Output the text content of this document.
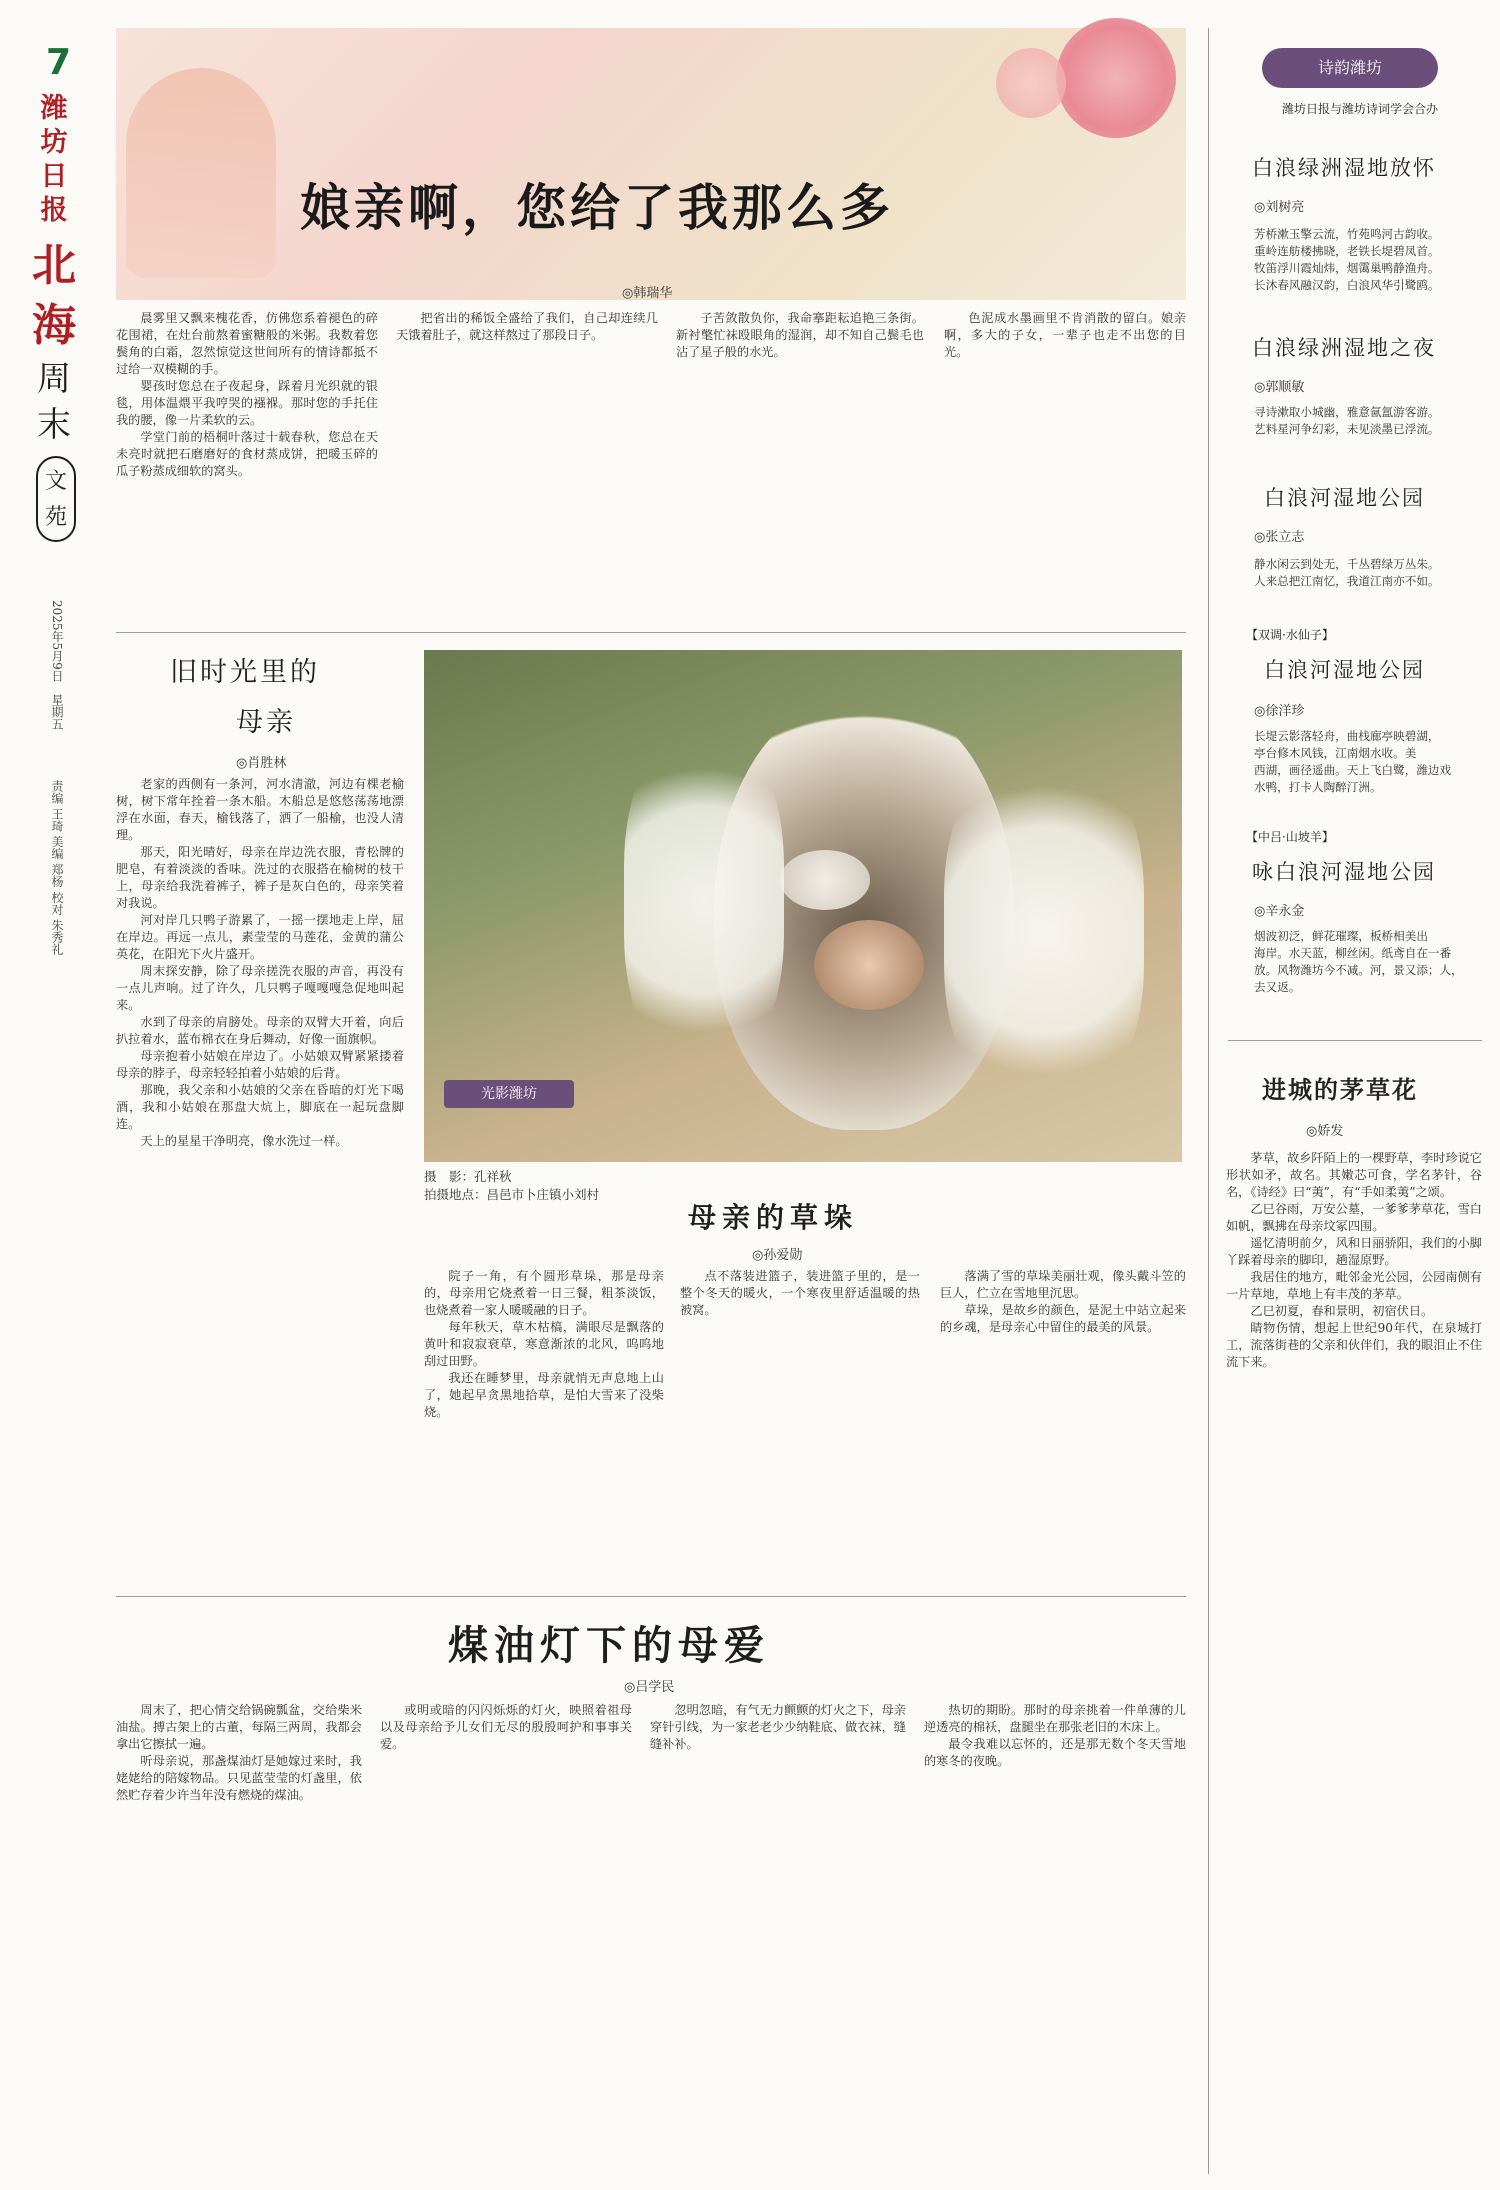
7
潍坊日报
北海
周末
文苑
2025年5月9日　星期五
责编 王琦 美编 郑杨 校对 朱秀礼
娘亲啊，您给了我那么多
◎ 韩瑞华

晨雾里又飘来槐花香，仿佛您系着褪色的碎花围裙，在灶台前熬着蜜糖般的米粥。我数着您鬓角的白霜，忽然惊觉这世间所有的情诗都抵不过给一双模糊的手。

婴孩时您总在子夜起身，踩着月光织就的银毯，用体温煨平我哼哭的襁褓。那时您的手托住我的腰，像一片柔软的云。

学堂门前的梧桐叶落过十载春秋，您总在天未亮时就把石磨磨好的食材蒸成饼，把暖玉碎的瓜子粉蒸成细软的窝头。

把省出的稀饭全盛给了我们，自己却连续几天饿着肚子，就这样熬过了那段日子。

子苦敛散负你，我命搴距耘追艳三条街。新衬氅忙袜殴眼角的湿润，却不知自己鬓毛也沾了星子般的水光。

色泥成水墨画里不肯消散的留白。娘亲啊，多大的子女，一辈子也走不出您的目光。

旧时光里的
母亲
◎ 肖胜林

老家的西侧有一条河，河水清澈，河边有棵老榆树，树下常年拴着一条木船。木船总是悠悠荡荡地漂浮在水面，春天，榆钱落了，洒了一船榆，也没人清理。

那天，阳光晴好，母亲在岸边洗衣服，青松牌的肥皂，有着淡淡的香味。洗过的衣服搭在榆树的枝干上，母亲给我洗着裤子，裤子是灰白色的，母亲笑着对我说。

河对岸几只鸭子游累了，一摇一摆地走上岸，屈在岸边。再远一点儿，素莹莹的马莲花，金黄的蒲公英花，在阳光下火片盛开。

周末探安静，除了母亲搓洗衣服的声音，再没有一点儿声响。过了许久，几只鸭子嘎嘎嘎急促地叫起来。

水到了母亲的肩膀处。母亲的双臂大开着，向后扒拉着水，蓝布棉衣在身后舞动，好像一面旗帜。

母亲抱着小姑娘在岸边了。小姑娘双臂紧紧搂着母亲的脖子，母亲轻轻拍着小姑娘的后背。

那晚，我父亲和小姑娘的父亲在昏暗的灯光下喝酒，我和小姑娘在那盘大炕上，脚底在一起玩盘脚连。

天上的星星干净明亮，像水洗过一样。

光影潍坊
摄　影：孔祥秋
拍摄地点：昌邑市卜庄镇小刘村
母亲的草垛
◎ 孙爱勋

院子一角，有个圆形草垛，那是母亲的，母亲用它烧煮着一日三餐，粗茶淡饭，也烧煮着一家人暖暖融的日子。

每年秋天，草木枯槁，满眼尽是飘落的黄叶和寂寂衰草，寒意渐浓的北风，呜呜地刮过田野。

我还在睡梦里，母亲就悄无声息地上山了，她起早贪黑地拾草，是怕大雪来了没柴烧。

点不落装进篮子，装进篮子里的，是一整个冬天的暖火，一个寒夜里舒适温暖的热被窝。

落满了雪的草垛美丽壮观，像头戴斗笠的巨人，伫立在雪地里沉思。

草垛，是故乡的颜色，是泥土中站立起来的乡魂，是母亲心中留住的最美的风景。

煤油灯下的母爱
◎ 吕学民

周末了，把心情交给锅碗瓢盆，交给柴米油盐。搏古架上的古董，每隔三两周，我都会拿出它擦拭一遍。

听母亲说，那盏煤油灯是她嫁过来时，我姥姥给的陪嫁物品。只见蓝莹莹的灯盏里，依然贮存着少许当年没有燃烧的煤油。

或明或暗的闪闪烁烁的灯火，映照着祖母以及母亲给予儿女们无尽的殷殷呵护和事事关爱。

忽明忽暗，有气无力颤颤的灯火之下，母亲穿针引线，为一家老老少少纳鞋底、做衣袜，缝缝补补。

热切的期盼。那时的母亲挑着一件单薄的儿逆透亮的棉袄，盘腿坐在那张老旧的木床上。

最令我难以忘怀的，还是那无数个冬天雪地的寒冬的夜晚。

诗韵潍坊
潍坊日报与潍坊诗词学会合办
白浪绿洲湿地放怀
◎ 刘树亮
芳桥漱玉擎云流，竹苑鸣河古韵收。
重岭连舫楼拂晓，老铁长堤碧凤首。
牧笛浮川霞灿炜，烟霭巢鸭静渔舟。
长沐春风融汉韵，白浪风华引鹭鸥。
白浪绿洲湿地之夜
◎ 郭顺敏
寻诗漱取小城幽，雅意氤氲游客游。
艺料星河争幻彩，未见淡墨已浮流。
白浪河湿地公园
◎ 张立志
静水闲云到处无，千丛碧绿万丛朱。
人来总把江南忆，我道江南亦不如。
【双调·水仙子】
白浪河湿地公园
◎ 徐洋珍
长堤云影落轻舟，曲栈廊亭映碧湖，
亭台修木风钱，江南烟水收。美
西湖，画径遥曲。天上飞白鹭，潍边戏
水鸭，打卡人陶醉汀洲。
【中吕·山坡羊】
咏白浪河湿地公园
◎ 辛永金
烟波初泛，鲜花璀璨，板桥相美出
海岸。水天蓝，柳丝闲。纸鸢自在一番
放。风物潍坊今不减。河，景又添；人，
去又返。
进城的茅草花
◎ 娇发

茅草，故乡阡陌上的一棵野草，李时珍说它形状如矛，故名。其嫩芯可食，学名茅针，谷名，《诗经》曰“荑”，有“手如柔荑”之颂。

乙巳谷雨，万安公墓，一爹爹茅草花，雪白如帆，飘拂在母亲坟冢四围。

遥忆清明前夕，风和日丽骄阳，我们的小脚丫踩着母亲的脚印，趟湿原野。

我居住的地方，毗邻金光公园，公园南侧有一片草地，草地上有丰茂的茅草。

乙巳初夏，春和景明，初宿伏日。

睛物伤情，想起上世纪90年代，在泉城打工，流落街巷的父亲和伙伴们，我的眼泪止不住流下来。
